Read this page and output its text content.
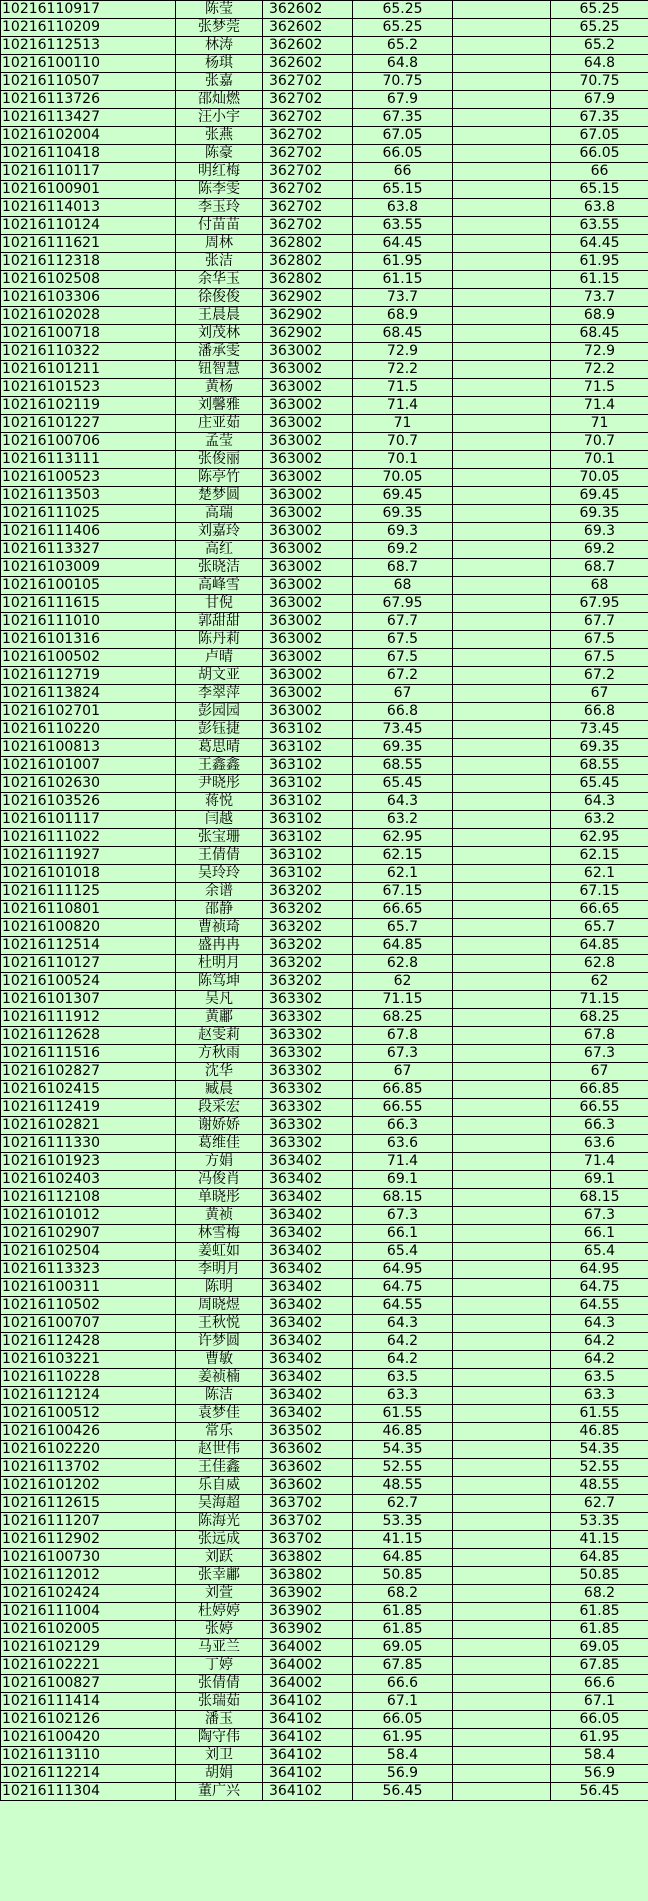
10216110917	陈莹	362602	65.25		65.25
10216110209	张梦莞	362602	65.25		65.25
10216112513	林涛	362602	65.2		65.2
10216100110	杨琪	362602	64.8		64.8
10216110507	张嘉	362702	70.75		70.75
10216113726	邵灿燃	362702	67.9		67.9
10216113427	汪小宇	362702	67.35		67.35
10216102004	张燕	362702	67.05		67.05
10216110418	陈豪	362702	66.05		66.05
10216110117	明红梅	362702	66		66
10216100901	陈李雯	362702	65.15		65.15
10216114013	李玉玲	362702	63.8		63.8
10216110124	付苗苗	362702	63.55		63.55
10216111621	周林	362802	64.45		64.45
10216112318	张洁	362802	61.95		61.95
10216102508	余华玉	362802	61.15		61.15
10216103306	徐俊俊	362902	73.7		73.7
10216102028	王晨晨	362902	68.9		68.9
10216100718	刘茂林	362902	68.45		68.45
10216110322	潘承雯	363002	72.9		72.9
10216101211	钮智慧	363002	72.2		72.2
10216101523	黄杨	363002	71.5		71.5
10216102119	刘馨雅	363002	71.4		71.4
10216101227	庄亚茹	363002	71		71
10216100706	孟莹	363002	70.7		70.7
10216113111	张俊丽	363002	70.1		70.1
10216100523	陈亭竹	363002	70.05		70.05
10216113503	楚梦圆	363002	69.45		69.45
10216111025	高瑞	363002	69.35		69.35
10216111406	刘嘉玲	363002	69.3		69.3
10216113327	高红	363002	69.2		69.2
10216103009	张晓洁	363002	68.7		68.7
10216100105	高峰雪	363002	68		68
10216111615	甘倪	363002	67.95		67.95
10216111010	郭甜甜	363002	67.7		67.7
10216101316	陈丹莉	363002	67.5		67.5
10216100502	卢晴	363002	67.5		67.5
10216112719	胡文亚	363002	67.2		67.2
10216113824	李翠萍	363002	67		67
10216102701	彭园园	363002	66.8		66.8
10216110220	彭钰捷	363102	73.45		73.45
10216100813	葛思晴	363102	69.35		69.35
10216101007	王鑫鑫	363102	68.55		68.55
10216102630	尹晓彤	363102	65.45		65.45
10216103526	蒋悦	363102	64.3		64.3
10216101117	闫越	363102	63.2		63.2
10216111022	张宝珊	363102	62.95		62.95
10216111927	王倩倩	363102	62.15		62.15
10216101018	吴玲玲	363102	62.1		62.1
10216111125	余谱	363202	67.15		67.15
10216110801	邵静	363202	66.65		66.65
10216100820	曹祯琦	363202	65.7		65.7
10216112514	盛冉冉	363202	64.85		64.85
10216110127	杜明月	363202	62.8		62.8
10216100524	陈笃坤	363202	62		62
10216101307	吴凡	363302	71.15		71.15
10216111912	黄鄘	363302	68.25		68.25
10216112628	赵雯莉	363302	67.8		67.8
10216111516	方秋雨	363302	67.3		67.3
10216102827	沈华	363302	67		67
10216102415	臧晨	363302	66.85		66.85
10216112419	段采宏	363302	66.55		66.55
10216102821	谢娇娇	363302	66.3		66.3
10216111330	葛维佳	363302	63.6		63.6
10216101923	方娟	363402	71.4		71.4
10216102403	冯俊肖	363402	69.1		69.1
10216112108	单晓彤	363402	68.15		68.15
10216101012	黄祯	363402	67.3		67.3
10216102907	林雪梅	363402	66.1		66.1
10216102504	姜虹如	363402	65.4		65.4
10216113323	李明月	363402	64.95		64.95
10216100311	陈明	363402	64.75		64.75
10216110502	周晓煜	363402	64.55		64.55
10216100707	王秋悦	363402	64.3		64.3
10216112428	许梦圆	363402	64.2		64.2
10216103221	曹敏	363402	64.2		64.2
10216110228	姜祯楠	363402	63.5		63.5
10216112124	陈洁	363402	63.3		63.3
10216100512	袁梦佳	363402	61.55		61.55
10216100426	常乐	363502	46.85		46.85
10216102220	赵世伟	363602	54.35		54.35
10216113702	王佳鑫	363602	52.55		52.55
10216101202	乐自威	363602	48.55		48.55
10216112615	吴海超	363702	62.7		62.7
10216111207	陈海光	363702	53.35		53.35
10216112902	张远成	363702	41.15		41.15
10216100730	刘跃	363802	64.85		64.85
10216112012	张幸鄘	363802	50.85		50.85
10216102424	刘萱	363902	68.2		68.2
10216111004	杜婷婷	363902	61.85		61.85
10216102005	张婷	363902	61.85		61.85
10216102129	马亚兰	364002	69.05		69.05
10216102221	丁婷	364002	67.85		67.85
10216100827	张倩倩	364002	66.6		66.6
10216111414	张瑞茹	364102	67.1		67.1
10216102126	潘玉	364102	66.05		66.05
10216100420	陶守伟	364102	61.95		61.95
10216113110	刘卫	364102	58.4		58.4
10216112214	胡娟	364102	56.9		56.9
10216111304	董广兴	364102	56.45		56.45
